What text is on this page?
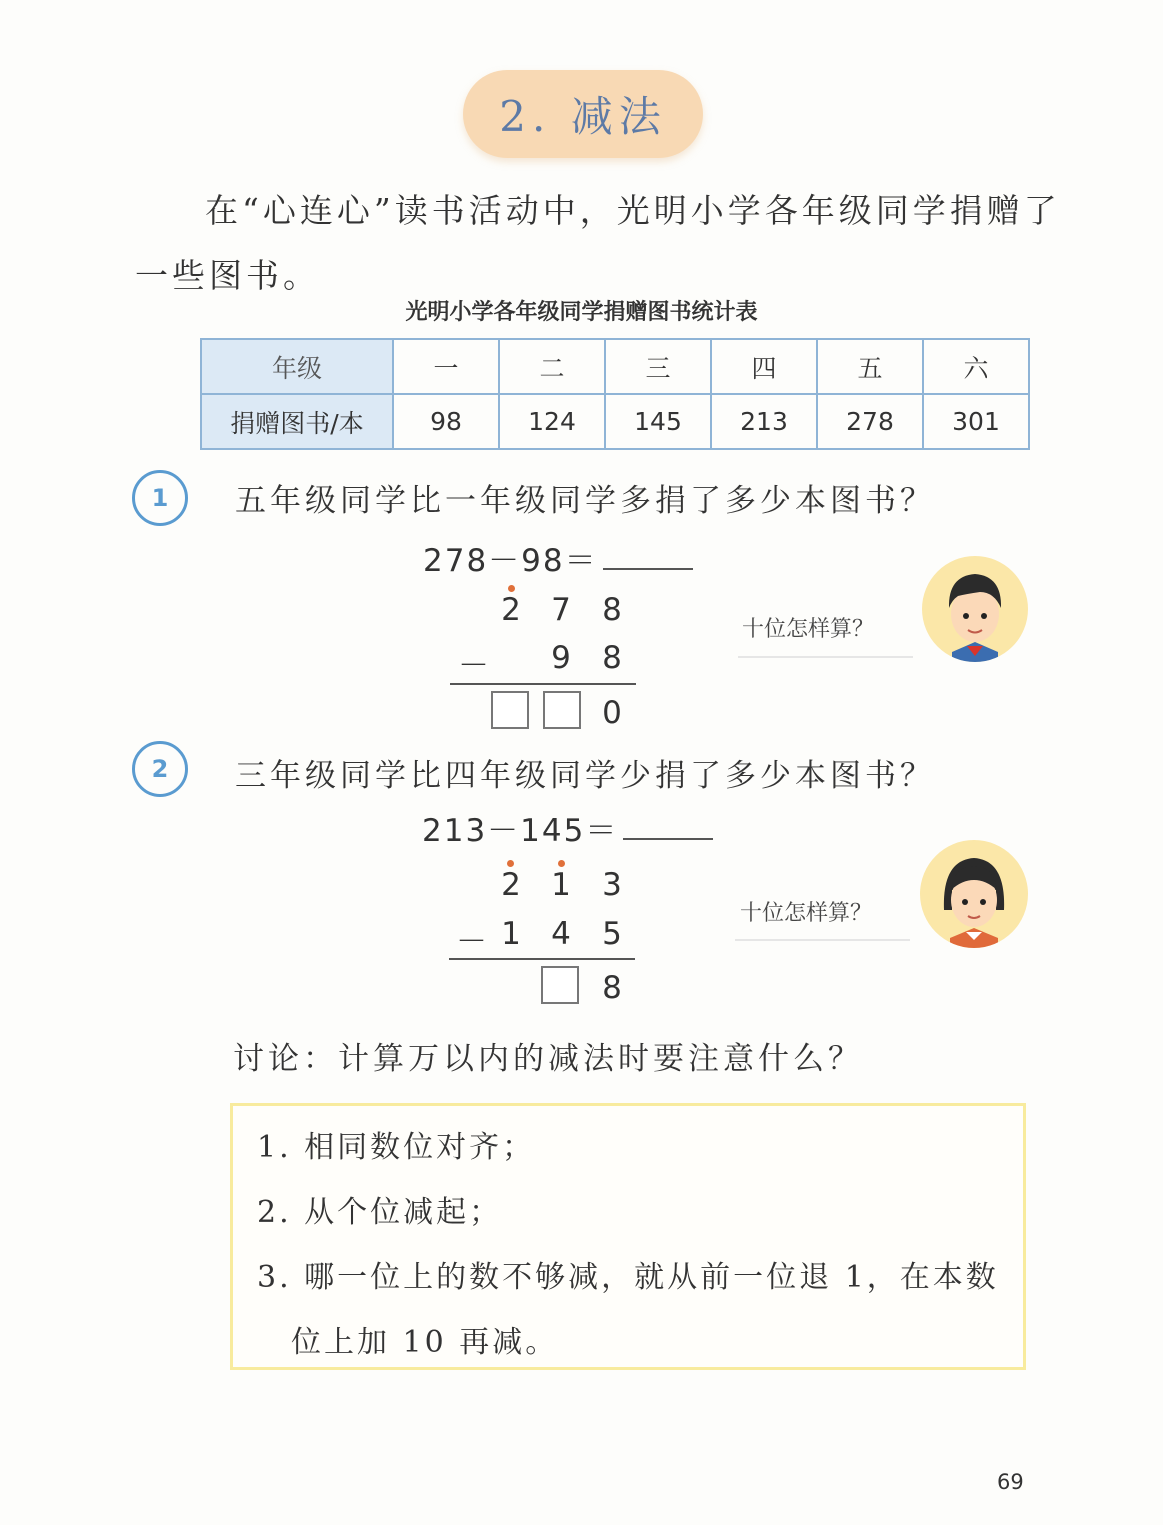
2. 减法
在“心连心”读书活动中，光明小学各年级同学捐赠了
一些图书。
光明小学各年级同学捐赠图书统计表
年级	一	二	三	四	五	六
捐赠图书/本	98	124	145	213	278	301
1	五年级同学比一年级同学多捐了多少本图书？
278－98＝
2 7 8
－ 9 8
0
十位怎样算？
2	三年级同学比四年级同学少捐了多少本图书？
213－145＝
2 1 3
－ 1 4 5
8
十位怎样算？
讨论：计算万以内的减法时要注意什么？
1. 相同数位对齐；
2. 从个位减起；
3. 哪一位上的数不够减，就从前一位退 1，在本数
位上加 10 再减。
69
